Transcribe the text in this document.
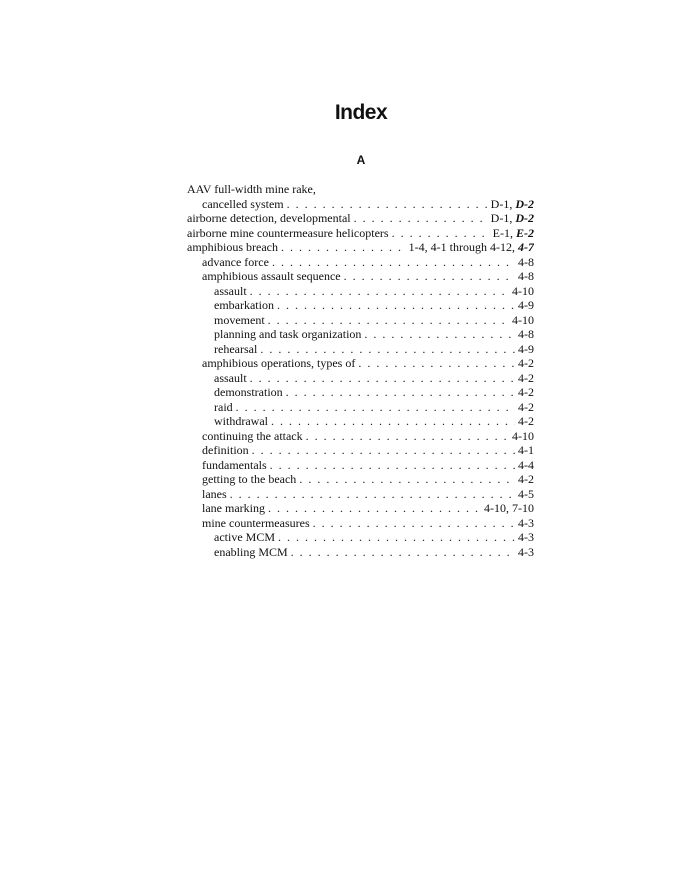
Index
A
AAV full-width mine rake,
cancelled system . . .	D-1, D-2
airborne detection, developmental . . .	D-1, D-2
airborne mine countermeasure helicopters . . .	E-1, E-2
amphibious breach . . .	1-4, 4-1 through 4-12, 4-7
advance force . . .	4-8
amphibious assault sequence . . .	4-8
assault . . .	4-10
embarkation . . .	4-9
movement . . .	4-10
planning and task organization . . .	4-8
rehearsal . . .	4-9
amphibious operations, types of . . .	4-2
assault . . .	4-2
demonstration . . .	4-2
raid . . .	4-2
withdrawal . . .	4-2
continuing the attack . . .	4-10
definition . . .	4-1
fundamentals . . .	4-4
getting to the beach . . .	4-2
lanes . . .	4-5
lane marking . . .	4-10, 7-10
mine countermeasures . . .	4-3
active MCM . . .	4-3
enabling MCM . . .	4-3
